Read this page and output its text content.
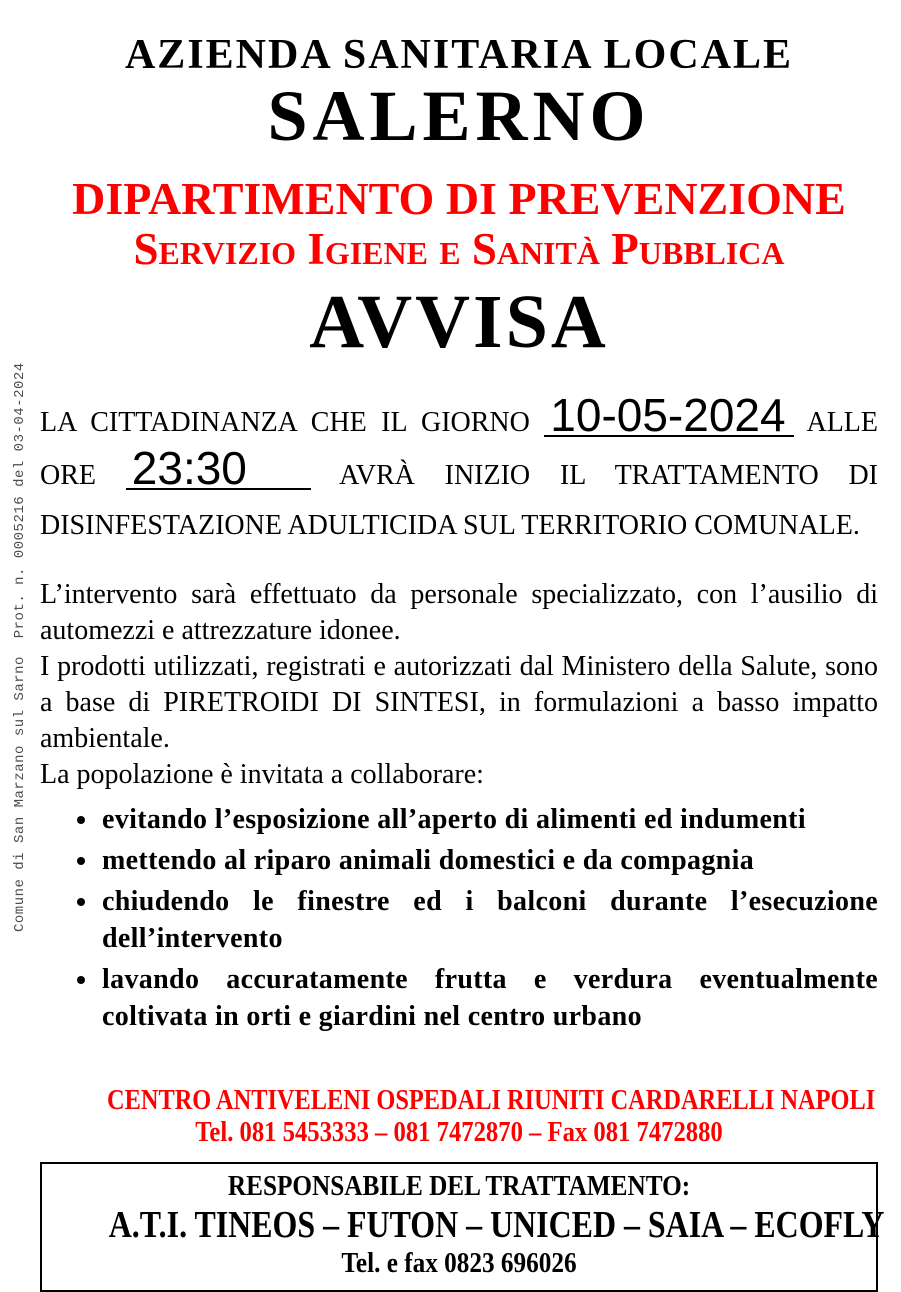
Comune di San Marzano sul Sarno  Prot. n. 0005216 del 03-04-2024
AZIENDA SANITARIA LOCALE
SALERNO
DIPARTIMENTO DI PREVENZIONE
Servizio Igiene e Sanità Pubblica
AVVISA
LA CITTADINANZA CHE IL GIORNO 10-05-2024 ALLE
ORE 23:30	AVRÀ INIZIO IL TRATTAMENTO DI
DISINFESTAZIONE ADULTICIDA SUL TERRITORIO COMUNALE.

L’intervento sarà effettuato da personale specializzato, con l’ausilio di automezzi e attrezzature idonee.

I prodotti utilizzati, registrati e autorizzati dal Ministero della Salute, sono a base di PIRETROIDI DI SINTESI, in formulazioni a basso impatto ambientale.

La popolazione è invitata a collaborare:

• evitando l’esposizione all’aperto di alimenti ed indumenti
• mettendo al riparo animali domestici e da compagnia
• chiudendo le finestre ed i balconi durante l’esecuzione dell’intervento
• lavando accuratamente frutta e verdura eventualmente coltivata in orti e giardini nel centro urbano
CENTRO ANTIVELENI OSPEDALI RIUNITI CARDARELLI NAPOLI
Tel. 081 5453333 – 081 7472870 – Fax 081 7472880
RESPONSABILE DEL TRATTAMENTO:
A.T.I. TINEOS – FUTON – UNICED – SAIA – ECOFLY
Tel. e fax 0823 696026
